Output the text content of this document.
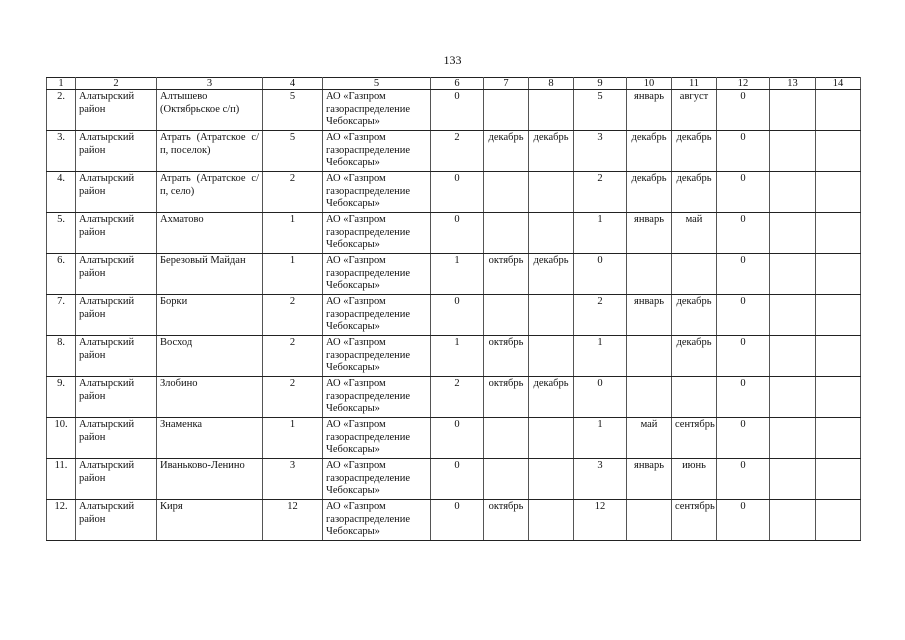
133
1	2	3	4	5	6	7	8	9	10	11	12	13	14
2.	Алатырский район	Алтышево (Октябрьское с/п)	5	АО «Газпром газораспределение Чебоксары»	0			5	январь	август	0		
3.	Алатырский район	Атрать (Атратское с/п, поселок)	5	АО «Газпром газораспределение Чебоксары»	2	декабрь	декабрь	3	декабрь	декабрь	0		
4.	Алатырский район	Атрать (Атратское с/п, село)	2	АО «Газпром газораспределение Чебоксары»	0			2	декабрь	декабрь	0		
5.	Алатырский район	Ахматово	1	АО «Газпром газораспределение Чебоксары»	0			1	январь	май	0		
6.	Алатырский район	Березовый Майдан	1	АО «Газпром газораспределение Чебоксары»	1	октябрь	декабрь	0			0		
7.	Алатырский район	Борки	2	АО «Газпром газораспределение Чебоксары»	0			2	январь	декабрь	0		
8.	Алатырский район	Восход	2	АО «Газпром газораспределение Чебоксары»	1	октябрь		1		декабрь	0		
9.	Алатырский район	Злобино	2	АО «Газпром газораспределение Чебоксары»	2	октябрь	декабрь	0			0		
10.	Алатырский район	Знаменка	1	АО «Газпром газораспределение Чебоксары»	0			1	май	сентябрь	0		
11.	Алатырский район	Иваньково-Ленино	3	АО «Газпром газораспределение Чебоксары»	0			3	январь	июнь	0		
12.	Алатырский район	Киря	12	АО «Газпром газораспределение Чебоксары»	0	октябрь		12		сентябрь	0		
